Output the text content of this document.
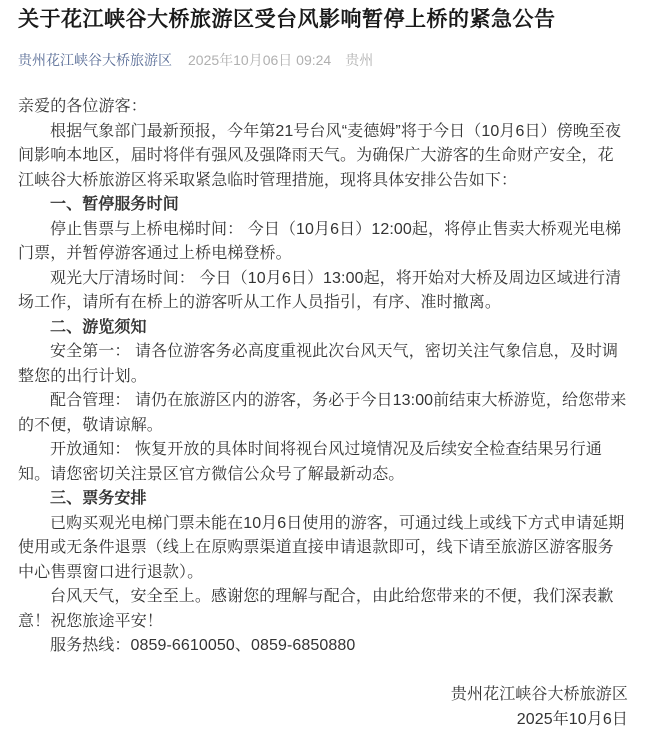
关于花江峡谷大桥旅游区受台风影响暂停上桥的紧急公告
贵州花江峡谷大桥旅游区 2025年10月06日 09:24 贵州

亲爱的各位游客：

根据气象部门最新预报，今年第21号台风“麦德姆”将于今日（10月6日）傍晚至夜间影响本地区，届时将伴有强风及强降雨天气。为确保广大游客的生命财产安全，花江峡谷大桥旅游区将采取紧急临时管理措施，现将具体安排公告如下：

一、暂停服务时间

停止售票与上桥电梯时间： 今日（10月6日）12:00起，将停止售卖大桥观光电梯门票，并暂停游客通过上桥电梯登桥。

观光大厅清场时间： 今日（10月6日）13:00起，将开始对大桥及周边区域进行清场工作，请所有在桥上的游客听从工作人员指引，有序、准时撤离。

二、游览须知

安全第一： 请各位游客务必高度重视此次台风天气，密切关注气象信息，及时调整您的出行计划。

配合管理： 请仍在旅游区内的游客，务必于今日13:00前结束大桥游览，给您带来的不便，敬请谅解。

开放通知： 恢复开放的具体时间将视台风过境情况及后续安全检查结果另行通知。请您密切关注景区官方微信公众号了解最新动态。

三、票务安排

已购买观光电梯门票未能在10月6日使用的游客，可通过线上或线下方式申请延期使用或无条件退票（线上在原购票渠道直接申请退款即可，线下请至旅游区游客服务中心售票窗口进行退款）。

台风天气，安全至上。感谢您的理解与配合，由此给您带来的不便，我们深表歉意！祝您旅途平安！

服务热线：0859-6610050、0859-6850880

贵州花江峡谷大桥旅游区

2025年10月6日
